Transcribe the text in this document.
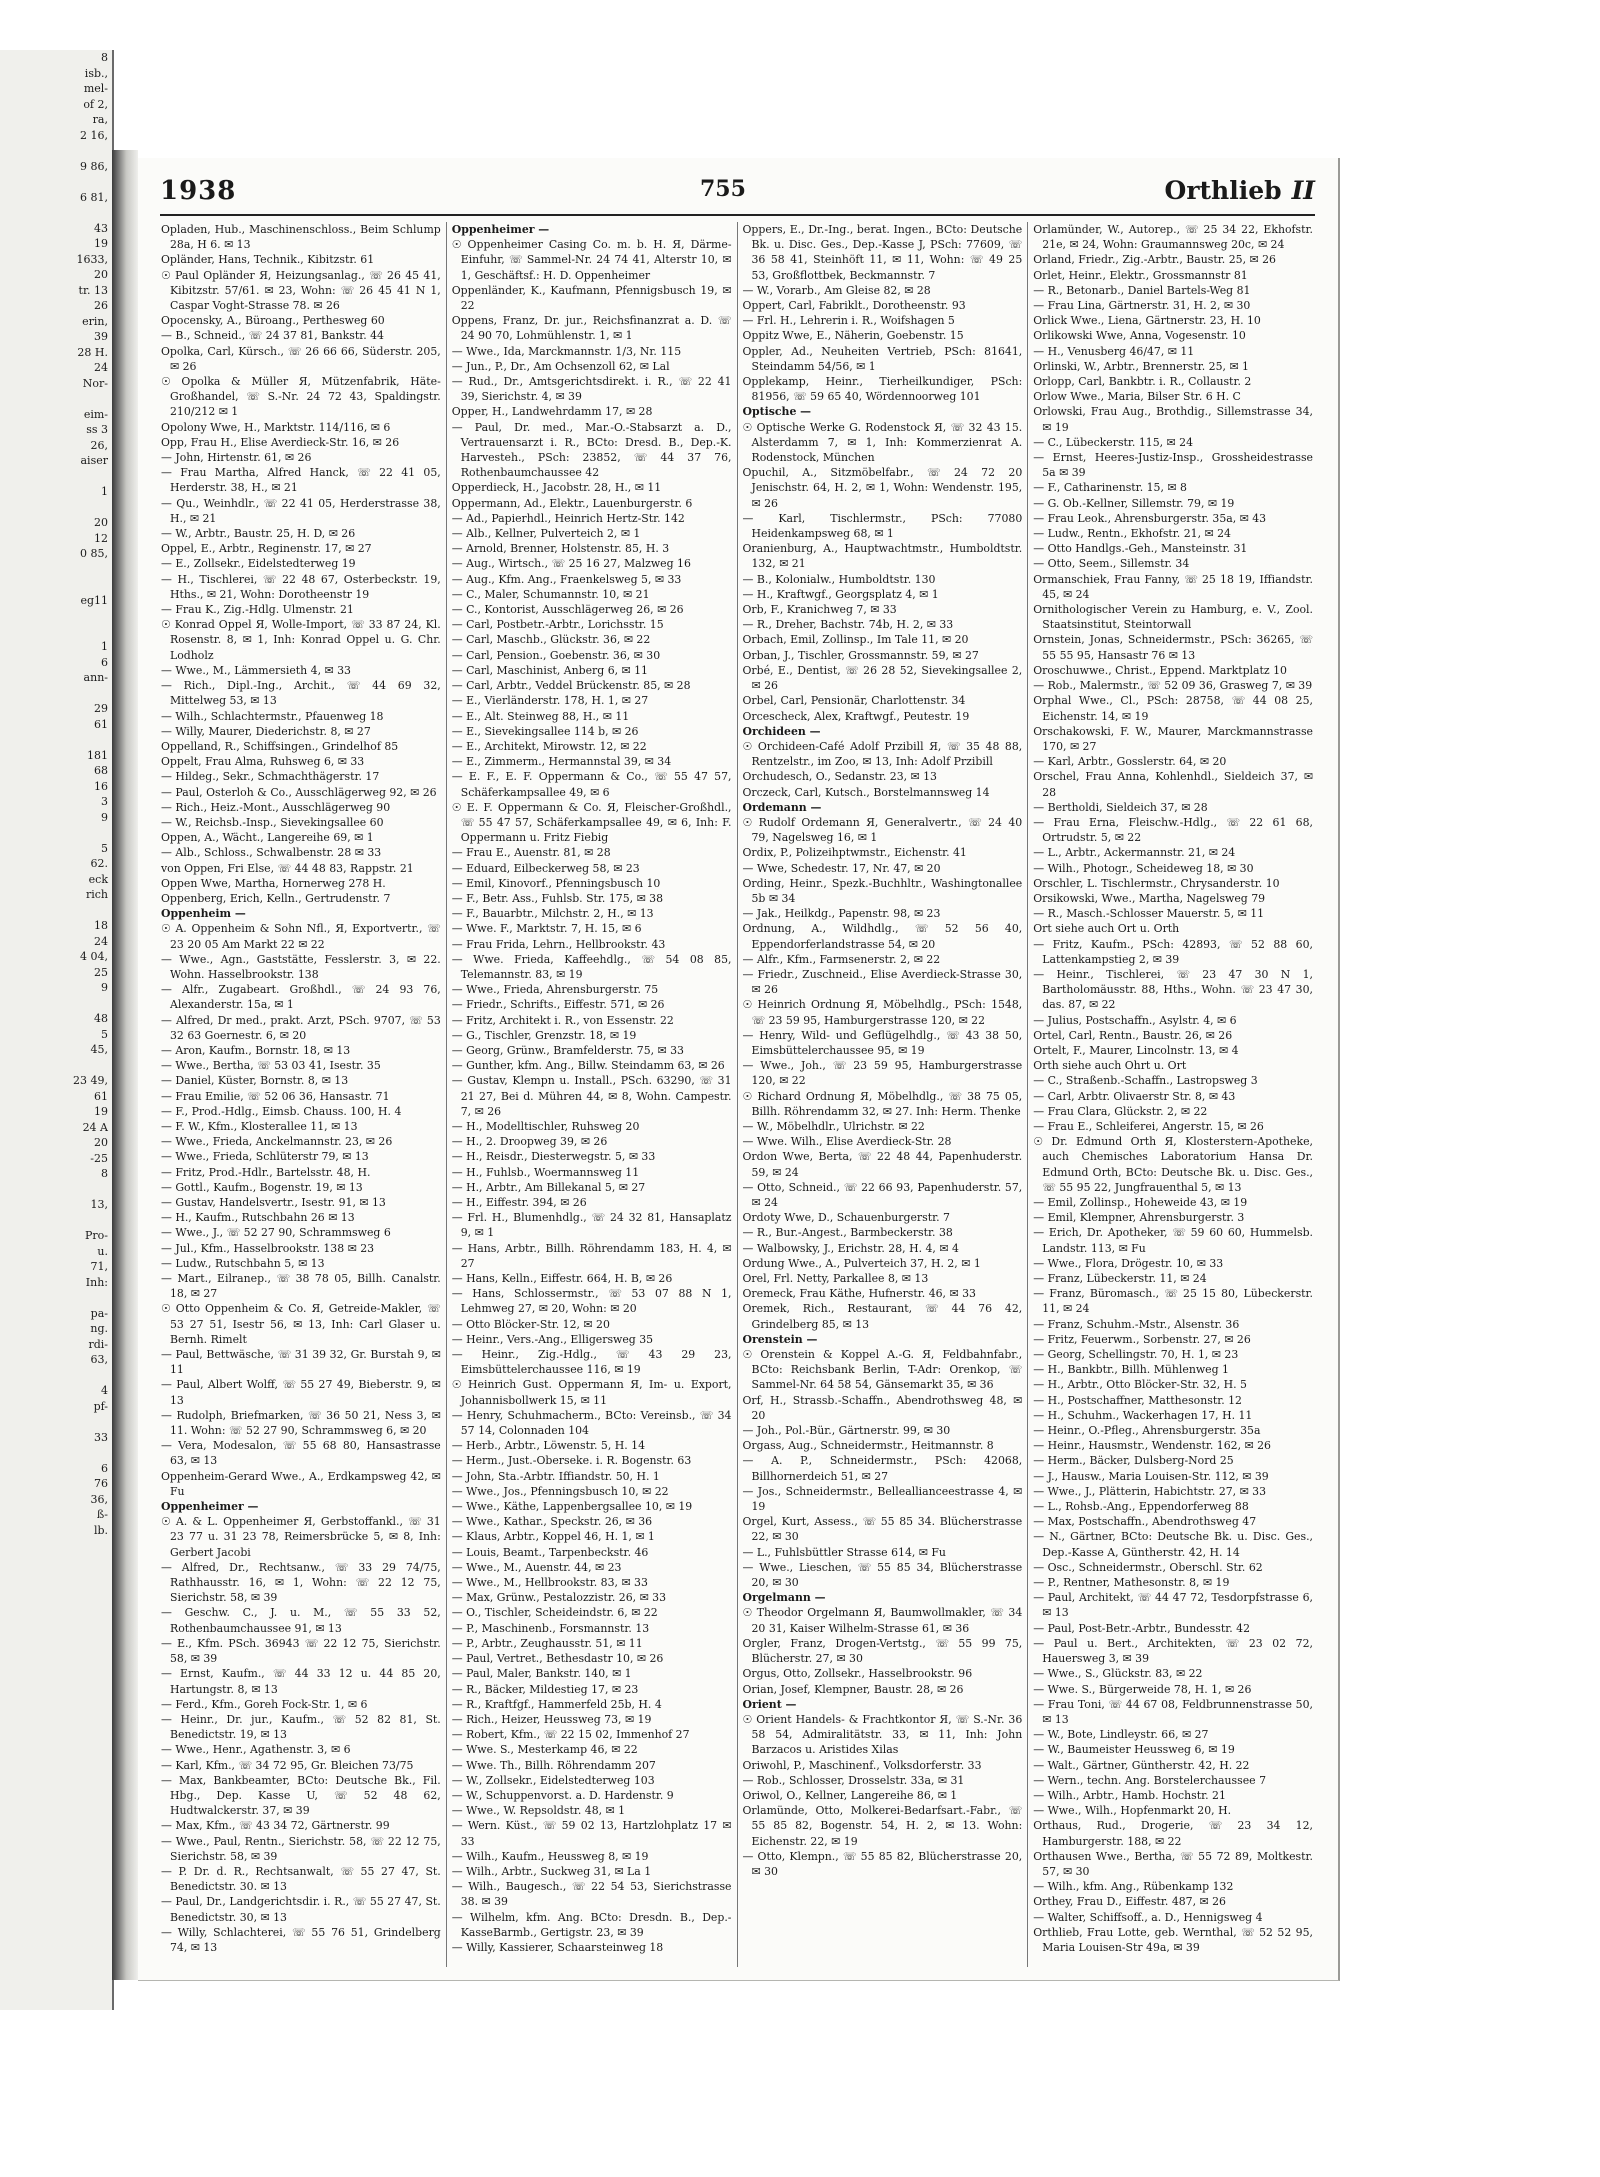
8
isb.,
mel-
of 2,
ra,
2 16,

9 86,

6 81,

43
19
1633,
20
tr. 13
26
erin,
39
28 H.
24
Nor-

eim-
ss 3
26,
aiser

1

20
12
0 85,

eg11

1
6
ann-

29
61

181
68
16
3
9

5
62.
eck
rich

18
24
4 04,
25
9

48
5
45,

23 49,
61
19
24 A
20
-25
8

13,

Pro-
u.
71,
Inh:

pa-
ng.
rdi-
63,

4
pf-

33

6
76
36,
ß-
lb.
1938	755	Orthlieb II

Opladen, Hub., Maschinenschloss., Beim Schlump 28a, H 6. ✉ 13

Opländer, Hans, Technik., Kibitzstr. 61

☉ Paul Opländer Я, Heizungsanlag., ☏ 26 45 41, Kibitzstr. 57/61. ✉ 23, Wohn: ☏ 26 45 41 N 1, Caspar Voght-Strasse 78. ✉ 26

Opocensky, A., Büroang., Perthesweg 60

— B., Schneid., ☏ 24 37 81, Bankstr. 44

Opolka, Carl, Kürsch., ☏ 26 66 66, Süderstr. 205, ✉ 26

☉ Opolka & Müller Я, Mützenfabrik, Häte-Großhandel, ☏ S.-Nr. 24 72 43, Spaldingstr. 210/212 ✉ 1

Opolony Wwe, H., Marktstr. 114/116, ✉ 6

Opp, Frau H., Elise Averdieck-Str. 16, ✉ 26

— John, Hirtenstr. 61, ✉ 26

— Frau Martha, Alfred Hanck, ☏ 22 41 05, Herderstr. 38, H., ✉ 21

— Qu., Weinhdlr., ☏ 22 41 05, Herderstrasse 38, H., ✉ 21

— W., Arbtr., Baustr. 25, H. D, ✉ 26

Oppel, E., Arbtr., Reginenstr. 17, ✉ 27

— E., Zollsekr., Eidelstedterweg 19

— H., Tischlerei, ☏ 22 48 67, Osterbeckstr. 19, Hths., ✉ 21, Wohn: Dorotheenstr 19

— Frau K., Zig.-Hdlg. Ulmenstr. 21

☉ Konrad Oppel Я, Wolle-Import, ☏ 33 87 24, Kl. Rosenstr. 8, ✉ 1, Inh: Konrad Oppel u. G. Chr. Lodholz

— Wwe., M., Lämmersieth 4, ✉ 33

— Rich., Dipl.-Ing., Archit., ☏ 44 69 32, Mittelweg 53, ✉ 13

— Wilh., Schlachtermstr., Pfauenweg 18

— Willy, Maurer, Diederichstr. 8, ✉ 27

Oppelland, R., Schiffsingen., Grindelhof 85

Oppelt, Frau Alma, Ruhsweg 6, ✉ 33

— Hildeg., Sekr., Schmachthägerstr. 17

— Paul, Osterloh & Co., Ausschlägerweg 92, ✉ 26

— Rich., Heiz.-Mont., Ausschlägerweg 90

— W., Reichsb.-Insp., Sievekingsallee 60

Oppen, A., Wächt., Langereihe 69, ✉ 1

— Alb., Schloss., Schwalbenstr. 28 ✉ 33

von Oppen, Fri Else, ☏ 44 48 83, Rappstr. 21

Oppen Wwe, Martha, Hornerweg 278 H.

Oppenberg, Erich, Kelln., Gertrudenstr. 7

Oppenheim —

☉ A. Oppenheim & Sohn Nfl., Я, Exportvertr., ☏ 23 20 05 Am Markt 22 ✉ 22

— Wwe., Agn., Gaststätte, Fesslerstr. 3, ✉ 22. Wohn. Hasselbrookstr. 138

— Alfr., Zugabeart. Großhdl., ☏ 24 93 76, Alexanderstr. 15a, ✉ 1

— Alfred, Dr med., prakt. Arzt, PSch. 9707, ☏ 53 32 63 Goernestr. 6, ✉ 20

— Aron, Kaufm., Bornstr. 18, ✉ 13

— Wwe., Bertha, ☏ 53 03 41, Isestr. 35

— Daniel, Küster, Bornstr. 8, ✉ 13

— Frau Emilie, ☏ 52 06 36, Hansastr. 71

— F., Prod.-Hdlg., Eimsb. Chauss. 100, H. 4

— F. W., Kfm., Klosterallee 11, ✉ 13

— Wwe., Frieda, Anckelmannstr. 23, ✉ 26

— Wwe., Frieda, Schlüterstr 79, ✉ 13

— Fritz, Prod.-Hdlr., Bartelsstr. 48, H.

— Gottl., Kaufm., Bogenstr. 19, ✉ 13

— Gustav, Handelsvertr., Isestr. 91, ✉ 13

— H., Kaufm., Rutschbahn 26 ✉ 13

— Wwe., J., ☏ 52 27 90, Schrammsweg 6

— Jul., Kfm., Hasselbrookstr. 138 ✉ 23

— Ludw., Rutschbahn 5, ✉ 13

— Mart., Eilranep., ☏ 38 78 05, Billh. Canalstr. 18, ✉ 27

☉ Otto Oppenheim & Co. Я, Getreide-Makler, ☏ 53 27 51, Isestr 56, ✉ 13, Inh: Carl Glaser u. Bernh. Rimelt

— Paul, Bettwäsche, ☏ 31 39 32, Gr. Burstah 9, ✉ 11

— Paul, Albert Wolff, ☏ 55 27 49, Bieberstr. 9, ✉ 13

— Rudolph, Briefmarken, ☏ 36 50 21, Ness 3, ✉ 11. Wohn: ☏ 52 27 90, Schrammsweg 6, ✉ 20

— Vera, Modesalon, ☏ 55 68 80, Hansastrasse 63, ✉ 13

Oppenheim-Gerard Wwe., A., Erdkampsweg 42, ✉ Fu

Oppenheimer —

☉ A. & L. Oppenheimer Я, Gerbstoffankl., ☏ 31 23 77 u. 31 23 78, Reimersbrücke 5, ✉ 8, Inh: Gerbert Jacobi

— Alfred, Dr., Rechtsanw., ☏ 33 29 74/75, Rathhausstr. 16, ✉ 1, Wohn: ☏ 22 12 75, Sierichstr. 58, ✉ 39

— Geschw. C., J. u. M., ☏ 55 33 52, Rothenbaumchaussee 91, ✉ 13

— E., Kfm. PSch. 36943 ☏ 22 12 75, Sierichstr. 58, ✉ 39

— Ernst, Kaufm., ☏ 44 33 12 u. 44 85 20, Hartungstr. 8, ✉ 13

— Ferd., Kfm., Goreh Fock-Str. 1, ✉ 6

— Heinr., Dr. jur., Kaufm., ☏ 52 82 81, St. Benedictstr. 19, ✉ 13

— Wwe., Henr., Agathenstr. 3, ✉ 6

— Karl, Kfm., ☏ 34 72 95, Gr. Bleichen 73/75

— Max, Bankbeamter, BCto: Deutsche Bk., Fil. Hbg., Dep. Kasse U, ☏ 52 48 62, Hudtwalckerstr. 37, ✉ 39

— Max, Kfm., ☏ 43 34 72, Gärtnerstr. 99

— Wwe., Paul, Rentn., Sierichstr. 58, ☏ 22 12 75, Sierichstr. 58, ✉ 39

— P. Dr. d. R., Rechtsanwalt, ☏ 55 27 47, St. Benedictstr. 30. ✉ 13

— Paul, Dr., Landgerichtsdir. i. R., ☏ 55 27 47, St. Benedictstr. 30, ✉ 13

— Willy, Schlachterei, ☏ 55 76 51, Grindelberg 74, ✉ 13

Oppenheimer —

☉ Oppenheimer Casing Co. m. b. H. Я, Därme-Einfuhr, ☏ Sammel-Nr. 24 74 41, Alterstr 10, ✉ 1, Geschäftsf.: H. D. Oppenheimer

Oppenländer, K., Kaufmann, Pfennigsbusch 19, ✉ 22

Oppens, Franz, Dr. jur., Reichsfinanzrat a. D. ☏ 24 90 70, Lohmühlenstr. 1, ✉ 1

— Wwe., Ida, Marckmannstr. 1/3, Nr. 115

— Jun., P., Dr., Am Ochsenzoll 62, ✉ Lal

— Rud., Dr., Amtsgerichtsdirekt. i. R., ☏ 22 41 39, Sierichstr. 4, ✉ 39

Opper, H., Landwehrdamm 17, ✉ 28

— Paul, Dr. med., Mar.-O.-Stabsarzt a. D., Vertrauensarzt i. R., BCto: Dresd. B., Dep.-K. Harvesteh., PSch: 23852, ☏ 44 37 76, Rothenbaumchaussee 42

Opperdieck, H., Jacobstr. 28, H., ✉ 11

Oppermann, Ad., Elektr., Lauenburgerstr. 6

— Ad., Papierhdl., Heinrich Hertz-Str. 142

— Alb., Kellner, Pulverteich 2, ✉ 1

— Arnold, Brenner, Holstenstr. 85, H. 3

— Aug., Wirtsch., ☏ 25 16 27, Malzweg 16

— Aug., Kfm. Ang., Fraenkelsweg 5, ✉ 33

— C., Maler, Schumannstr. 10, ✉ 21

— C., Kontorist, Ausschlägerweg 26, ✉ 26

— Carl, Postbetr.-Arbtr., Lorichsstr. 15

— Carl, Maschb., Glückstr. 36, ✉ 22

— Carl, Pension., Goebenstr. 36, ✉ 30

— Carl, Maschinist, Anberg 6, ✉ 11

— Carl, Arbtr., Veddel Brückenstr. 85, ✉ 28

— E., Vierländerstr. 178, H. 1, ✉ 27

— E., Alt. Steinweg 88, H., ✉ 11

— E., Sievekingsallee 114 b, ✉ 26

— E., Architekt, Mirowstr. 12, ✉ 22

— E., Zimmerm., Hermannstal 39, ✉ 34

— E. F., E. F. Oppermann & Co., ☏ 55 47 57, Schäferkampsallee 49, ✉ 6

☉ E. F. Oppermann & Co. Я, Fleischer-Großhdl., ☏ 55 47 57, Schäferkampsallee 49, ✉ 6, Inh: F. Oppermann u. Fritz Fiebig

— Frau E., Auenstr. 81, ✉ 28

— Eduard, Eilbeckerweg 58, ✉ 23

— Emil, Kinovorf., Pfenningsbusch 10

— F., Betr. Ass., Fuhlsb. Str. 175, ✉ 38

— F., Bauarbtr., Milchstr. 2, H., ✉ 13

— Wwe. F., Marktstr. 7, H. 15, ✉ 6

— Frau Frida, Lehrn., Hellbrookstr. 43

— Wwe. Frieda, Kaffeehdlg., ☏ 54 08 85, Telemannstr. 83, ✉ 19

— Wwe., Frieda, Ahrensburgerstr. 75

— Friedr., Schrifts., Eiffestr. 571, ✉ 26

— Fritz, Architekt i. R., von Essenstr. 22

— G., Tischler, Grenzstr. 18, ✉ 19

— Georg, Grünw., Bramfelderstr. 75, ✉ 33

— Gunther, kfm. Ang., Billw. Steindamm 63, ✉ 26

— Gustav, Klempn u. Install., PSch. 63290, ☏ 31 21 27, Bei d. Mühren 44, ✉ 8, Wohn. Campestr. 7, ✉ 26

— H., Modelltischler, Ruhsweg 20

— H., 2. Droopweg 39, ✉ 26

— H., Reisdr., Diesterwegstr. 5, ✉ 33

— H., Fuhlsb., Woermannsweg 11

— H., Arbtr., Am Billekanal 5, ✉ 27

— H., Eiffestr. 394, ✉ 26

— Frl. H., Blumenhdlg., ☏ 24 32 81, Hansaplatz 9, ✉ 1

— Hans, Arbtr., Billh. Röhrendamm 183, H. 4, ✉ 27

— Hans, Kelln., Eiffestr. 664, H. B, ✉ 26

— Hans, Schlossermstr., ☏ 53 07 88 N 1, Lehmweg 27, ✉ 20, Wohn: ✉ 20

— Otto Blöcker-Str. 12, ✉ 20

— Heinr., Vers.-Ang., Elligersweg 35

— Heinr., Zig.-Hdlg., ☏ 43 29 23, Eimsbüttelerchaussee 116, ✉ 19

☉ Heinrich Gust. Oppermann Я, Im- u. Export, Johannisbollwerk 15, ✉ 11

— Henry, Schuhmacherm., BCto: Vereinsb., ☏ 34 57 14, Colonnaden 104

— Herb., Arbtr., Löwenstr. 5, H. 14

— Herm., Just.-Oberseke. i. R. Bogenstr. 63

— John, Sta.-Arbtr. Iffiandstr. 50, H. 1

— Wwe., Jos., Pfenningsbusch 10, ✉ 22

— Wwe., Käthe, Lappenbergsallee 10, ✉ 19

— Wwe., Kathar., Speckstr. 26, ✉ 36

— Klaus, Arbtr., Koppel 46, H. 1, ✉ 1

— Louis, Beamt., Tarpenbeckstr. 46

— Wwe., M., Auenstr. 44, ✉ 23

— Wwe., M., Hellbrookstr. 83, ✉ 33

— Max, Grünw., Pestalozzistr. 26, ✉ 33

— O., Tischler, Scheideindstr. 6, ✉ 22

— P., Maschinenb., Forsmannstr. 13

— P., Arbtr., Zeughausstr. 51, ✉ 11

— Paul, Vertret., Bethesdastr 10, ✉ 26

— Paul, Maler, Bankstr. 140, ✉ 1

— R., Bäcker, Mildestieg 17, ✉ 23

— R., Kraftfgf., Hammerfeld 25b, H. 4

— Rich., Heizer, Heussweg 73, ✉ 19

— Robert, Kfm., ☏ 22 15 02, Immenhof 27

— Wwe. S., Mesterkamp 46, ✉ 22

— Wwe. Th., Billh. Röhrendamm 207

— W., Zollsekr., Eidelstedterweg 103

— W., Schuppenvorst. a. D. Hardenstr. 9

— Wwe., W. Repsoldstr. 48, ✉ 1

— Wern. Küst., ☏ 59 02 13, Hartzlohplatz 17 ✉ 33

— Wilh., Kaufm., Heussweg 8, ✉ 19

— Wilh., Arbtr., Suckweg 31, ✉ La 1

— Wilh., Baugesch., ☏ 22 54 53, Sierichstrasse 38. ✉ 39

— Wilhelm, kfm. Ang. BCto: Dresdn. B., Dep.-KasseBarmb., Gertigstr. 23, ✉ 39

— Willy, Kassierer, Schaarsteinweg 18

Oppers, E., Dr.-Ing., berat. Ingen., BCto: Deutsche Bk. u. Disc. Ges., Dep.-Kasse J, PSch: 77609, ☏ 36 58 41, Steinhöft 11, ✉ 11, Wohn: ☏ 49 25 53, Großflottbek, Beckmannstr. 7

— W., Vorarb., Am Gleise 82, ✉ 28

Oppert, Carl, Fabriklt., Dorotheenstr. 93

— Frl. H., Lehrerin i. R., Woifshagen 5

Oppitz Wwe, E., Näherin, Goebenstr. 15

Oppler, Ad., Neuheiten Vertrieb, PSch: 81641, Steindamm 54/56, ✉ 1

Opplekamp, Heinr., Tierheilkundiger, PSch: 81956, ☏ 59 65 40, Wördennoorweg 101

Optische —

☉ Optische Werke G. Rodenstock Я, ☏ 32 43 15. Alsterdamm 7, ✉ 1, Inh: Kommerzienrat A. Rodenstock, München

Opuchil, A., Sitzmöbelfabr., ☏ 24 72 20 Jenischstr. 64, H. 2, ✉ 1, Wohn: Wendenstr. 195, ✉ 26

— Karl, Tischlermstr., PSch: 77080 Heidenkampsweg 68, ✉ 1

Oranienburg, A., Hauptwachtmstr., Humboldtstr. 132, ✉ 21

— B., Kolonialw., Humboldtstr. 130

— H., Kraftwgf., Georgsplatz 4, ✉ 1

Orb, F., Kranichweg 7, ✉ 33

— R., Dreher, Bachstr. 74b, H. 2, ✉ 33

Orbach, Emil, Zollinsp., Im Tale 11, ✉ 20

Orban, J., Tischler, Grossmannstr. 59, ✉ 27

Orbé, E., Dentist, ☏ 26 28 52, Sievekingsallee 2, ✉ 26

Orbel, Carl, Pensionär, Charlottenstr. 34

Orcescheck, Alex, Kraftwgf., Peutestr. 19

Orchideen —

☉ Orchideen-Café Adolf Przibill Я, ☏ 35 48 88, Rentzelstr., im Zoo, ✉ 13, Inh: Adolf Przibill

Orchudesch, O., Sedanstr. 23, ✉ 13

Orczeck, Carl, Kutsch., Borstelmannsweg 14

Ordemann —

☉ Rudolf Ordemann Я, Generalvertr., ☏ 24 40 79, Nagelsweg 16, ✉ 1

Ordix, P., Polizeihptwmstr., Eichenstr. 41

— Wwe, Schedestr. 17, Nr. 47, ✉ 20

Ording, Heinr., Spezk.-Buchhltr., Washingtonallee 5b ✉ 34

— Jak., Heilkdg., Papenstr. 98, ✉ 23

Ordnung, A., Wildhdlg., ☏ 52 56 40, Eppendorferlandstrasse 54, ✉ 20

— Alfr., Kfm., Farmsenerstr. 2, ✉ 22

— Friedr., Zuschneid., Elise Averdieck-Strasse 30, ✉ 26

☉ Heinrich Ordnung Я, Möbelhdlg., PSch: 1548, ☏ 23 59 95, Hamburgerstrasse 120, ✉ 22

— Henry, Wild- und Geflügelhdlg., ☏ 43 38 50, Eimsbüttelerchaussee 95, ✉ 19

— Wwe., Joh., ☏ 23 59 95, Hamburgerstrasse 120, ✉ 22

☉ Richard Ordnung Я, Möbelhdlg., ☏ 38 75 05, Billh. Röhrendamm 32, ✉ 27. Inh: Herm. Thenke

— W., Möbelhdlr., Ulrichstr. ✉ 22

— Wwe. Wilh., Elise Averdieck-Str. 28

Ordon Wwe, Berta, ☏ 22 48 44, Papenhuderstr. 59, ✉ 24

— Otto, Schneid., ☏ 22 66 93, Papenhuderstr. 57, ✉ 24

Ordoty Wwe, D., Schauenburgerstr. 7

— R., Bur.-Angest., Barmbeckerstr. 38

— Walbowsky, J., Erichstr. 28, H. 4, ✉ 4

Ordung Wwe., A., Pulverteich 37, H. 2, ✉ 1

Orel, Frl. Netty, Parkallee 8, ✉ 13

Oremeck, Frau Käthe, Hufnerstr. 46, ✉ 33

Oremek, Rich., Restaurant, ☏ 44 76 42, Grindelberg 85, ✉ 13

Orenstein —

☉ Orenstein & Koppel A.-G. Я, Feldbahnfabr., BCto: Reichsbank Berlin, T-Adr: Orenkop, ☏ Sammel-Nr. 64 58 54, Gänsemarkt 35, ✉ 36

Orf, H., Strassb.-Schaffn., Abendrothsweg 48, ✉ 20

— Joh., Pol.-Bür., Gärtnerstr. 99, ✉ 30

Orgass, Aug., Schneidermstr., Heitmannstr. 8

— A. P., Schneidermstr., PSch: 42068, Billhornerdeich 51, ✉ 27

— Jos., Schneidermstr., Belleallianceestrasse 4, ✉ 19

Orgel, Kurt, Assess., ☏ 55 85 34. Blücherstrasse 22, ✉ 30

— L., Fuhlsbüttler Strasse 614, ✉ Fu

— Wwe., Lieschen, ☏ 55 85 34, Blücherstrasse 20, ✉ 30

Orgelmann —

☉ Theodor Orgelmann Я, Baumwollmakler, ☏ 34 20 31, Kaiser Wilhelm-Strasse 61, ✉ 36

Orgler, Franz, Drogen-Vertstg., ☏ 55 99 75, Blücherstr. 27, ✉ 30

Orgus, Otto, Zollsekr., Hasselbrookstr. 96

Orian, Josef, Klempner, Baustr. 28, ✉ 26

Orient —

☉ Orient Handels- & Frachtkontor Я, ☏ S.-Nr. 36 58 54, Admiralitätstr. 33, ✉ 11, Inh: John Barzacos u. Aristides Xilas

Oriwohl, P., Maschinenf., Volksdorferstr. 33

— Rob., Schlosser, Drosselstr. 33a, ✉ 31

Oriwol, O., Kellner, Langereihe 86, ✉ 1

Orlamünde, Otto, Molkerei-Bedarfsart.-Fabr., ☏ 55 85 82, Bogenstr. 54, H. 2, ✉ 13. Wohn: Eichenstr. 22, ✉ 19

— Otto, Klempn., ☏ 55 85 82, Blücherstrasse 20, ✉ 30

Orlamünder, W., Autorep., ☏ 25 34 22, Ekhofstr. 21e, ✉ 24, Wohn: Graumannsweg 20c, ✉ 24

Orland, Friedr., Zig.-Arbtr., Baustr. 25, ✉ 26

Orlet, Heinr., Elektr., Grossmannstr 81

— R., Betonarb., Daniel Bartels-Weg 81

— Frau Lina, Gärtnerstr. 31, H. 2, ✉ 30

Orlick Wwe., Liena, Gärtnerstr. 23, H. 10

Orlikowski Wwe, Anna, Vogesenstr. 10

— H., Venusberg 46/47, ✉ 11

Orlinski, W., Arbtr., Brennerstr. 25, ✉ 1

Orlopp, Carl, Bankbtr. i. R., Collaustr. 2

Orlow Wwe., Maria, Bilser Str. 6 H. C

Orlowski, Frau Aug., Brothdig., Sillemstrasse 34, ✉ 19

— C., Lübeckerstr. 115, ✉ 24

— Ernst, Heeres-Justiz-Insp., Grossheidestrasse 5a ✉ 39

— F., Catharinenstr. 15, ✉ 8

— G. Ob.-Kellner, Sillemstr. 79, ✉ 19

— Frau Leok., Ahrensburgerstr. 35a, ✉ 43

— Ludw., Rentn., Ekhofstr. 21, ✉ 24

— Otto Handlgs.-Geh., Mansteinstr. 31

— Otto, Seem., Sillemstr. 34

Ormanschiek, Frau Fanny, ☏ 25 18 19, Iffiandstr. 45, ✉ 24

Ornithologischer Verein zu Hamburg, e. V., Zool. Staatsinstitut, Steintorwall

Ornstein, Jonas, Schneidermstr., PSch: 36265, ☏ 55 55 95, Hansastr 76 ✉ 13

Oroschuwwe., Christ., Eppend. Marktplatz 10

— Rob., Malermstr., ☏ 52 09 36, Grasweg 7, ✉ 39

Orphal Wwe., Cl., PSch: 28758, ☏ 44 08 25, Eichenstr. 14, ✉ 19

Orschakowski, F. W., Maurer, Marckmannstrasse 170, ✉ 27

— Karl, Arbtr., Gosslerstr. 64, ✉ 20

Orschel, Frau Anna, Kohlenhdl., Sieldeich 37, ✉ 28

— Bertholdi, Sieldeich 37, ✉ 28

— Frau Erna, Fleischw.-Hdlg., ☏ 22 61 68, Ortrudstr. 5, ✉ 22

— L., Arbtr., Ackermannstr. 21, ✉ 24

— Wilh., Photogr., Scheideweg 18, ✉ 30

Orschler, L. Tischlermstr., Chrysanderstr. 10

Orsikowski, Wwe., Martha, Nagelsweg 79

— R., Masch.-Schlosser Mauerstr. 5, ✉ 11

Ort siehe auch Ort u. Orth

— Fritz, Kaufm., PSch: 42893, ☏ 52 88 60, Lattenkampstieg 2, ✉ 39

— Heinr., Tischlerei, ☏ 23 47 30 N 1, Bartholomäusstr. 88, Hths., Wohn. ☏ 23 47 30, das. 87, ✉ 22

— Julius, Postschaffn., Asylstr. 4, ✉ 6

Ortel, Carl, Rentn., Baustr. 26, ✉ 26

Ortelt, F., Maurer, Lincolnstr. 13, ✉ 4

Orth siehe auch Ohrt u. Ort

— C., Straßenb.-Schaffn., Lastropsweg 3

— Carl, Arbtr. Olivaerstr Str. 8, ✉ 43

— Frau Clara, Glückstr. 2, ✉ 22

— Frau E., Schleiferei, Angerstr. 15, ✉ 26

☉ Dr. Edmund Orth Я, Klosterstern-Apotheke, auch Chemisches Laboratorium Hansa Dr. Edmund Orth, BCto: Deutsche Bk. u. Disc. Ges., ☏ 55 95 22, Jungfrauenthal 5, ✉ 13

— Emil, Zollinsp., Hoheweide 43, ✉ 19

— Emil, Klempner, Ahrensburgerstr. 3

— Erich, Dr. Apotheker, ☏ 59 60 60, Hummelsb. Landstr. 113, ✉ Fu

— Wwe., Flora, Drögestr. 10, ✉ 33

— Franz, Lübeckerstr. 11, ✉ 24

— Franz, Büromasch., ☏ 25 15 80, Lübeckerstr. 11, ✉ 24

— Franz, Schuhm.-Mstr., Alsenstr. 36

— Fritz, Feuerwm., Sorbenstr. 27, ✉ 26

— Georg, Schellingstr. 70, H. 1, ✉ 23

— H., Bankbtr., Billh. Mühlenweg 1

— H., Arbtr., Otto Blöcker-Str. 32, H. 5

— H., Postschaffner, Matthesonstr. 12

— H., Schuhm., Wackerhagen 17, H. 11

— Heinr., O.-Pfleg., Ahrensburgerstr. 35a

— Heinr., Hausmstr., Wendenstr. 162, ✉ 26

— Herm., Bäcker, Dulsberg-Nord 25

— J., Hausw., Maria Louisen-Str. 112, ✉ 39

— Wwe., J., Plätterin, Habichtstr. 27, ✉ 33

— L., Rohsb.-Ang., Eppendorferweg 88

— Max, Postschaffn., Abendrothsweg 47

— N., Gärtner, BCto: Deutsche Bk. u. Disc. Ges., Dep.-Kasse A, Güntherstr. 42, H. 14

— Osc., Schneidermstr., Oberschl. Str. 62

— P., Rentner, Mathesonstr. 8, ✉ 19

— Paul, Architekt, ☏ 44 47 72, Tesdorpfstrasse 6, ✉ 13

— Paul, Post-Betr.-Arbtr., Bundesstr. 42

— Paul u. Bert., Architekten, ☏ 23 02 72, Hauersweg 3, ✉ 39

— Wwe., S., Glückstr. 83, ✉ 22

— Wwe. S., Bürgerweide 78, H. 1, ✉ 26

— Frau Toni, ☏ 44 67 08, Feldbrunnenstrasse 50, ✉ 13

— W., Bote, Lindleystr. 66, ✉ 27

— W., Baumeister Heussweg 6, ✉ 19

— Walt., Gärtner, Güntherstr. 42, H. 22

— Wern., techn. Ang. Borstelerchaussee 7

— Wilh., Arbtr., Hamb. Hochstr. 21

— Wwe., Wilh., Hopfenmarkt 20, H.

Orthaus, Rud., Drogerie, ☏ 23 34 12, Hamburgerstr. 188, ✉ 22

Orthausen Wwe., Bertha, ☏ 55 72 89, Moltkestr. 57, ✉ 30

— Wilh., kfm. Ang., Rübenkamp 132

Orthey, Frau D., Eiffestr. 487, ✉ 26

— Walter, Schiffsoff., a. D., Hennigsweg 4

Orthlieb, Frau Lotte, geb. Wernthal, ☏ 52 52 95, Maria Louisen-Str 49a, ✉ 39
